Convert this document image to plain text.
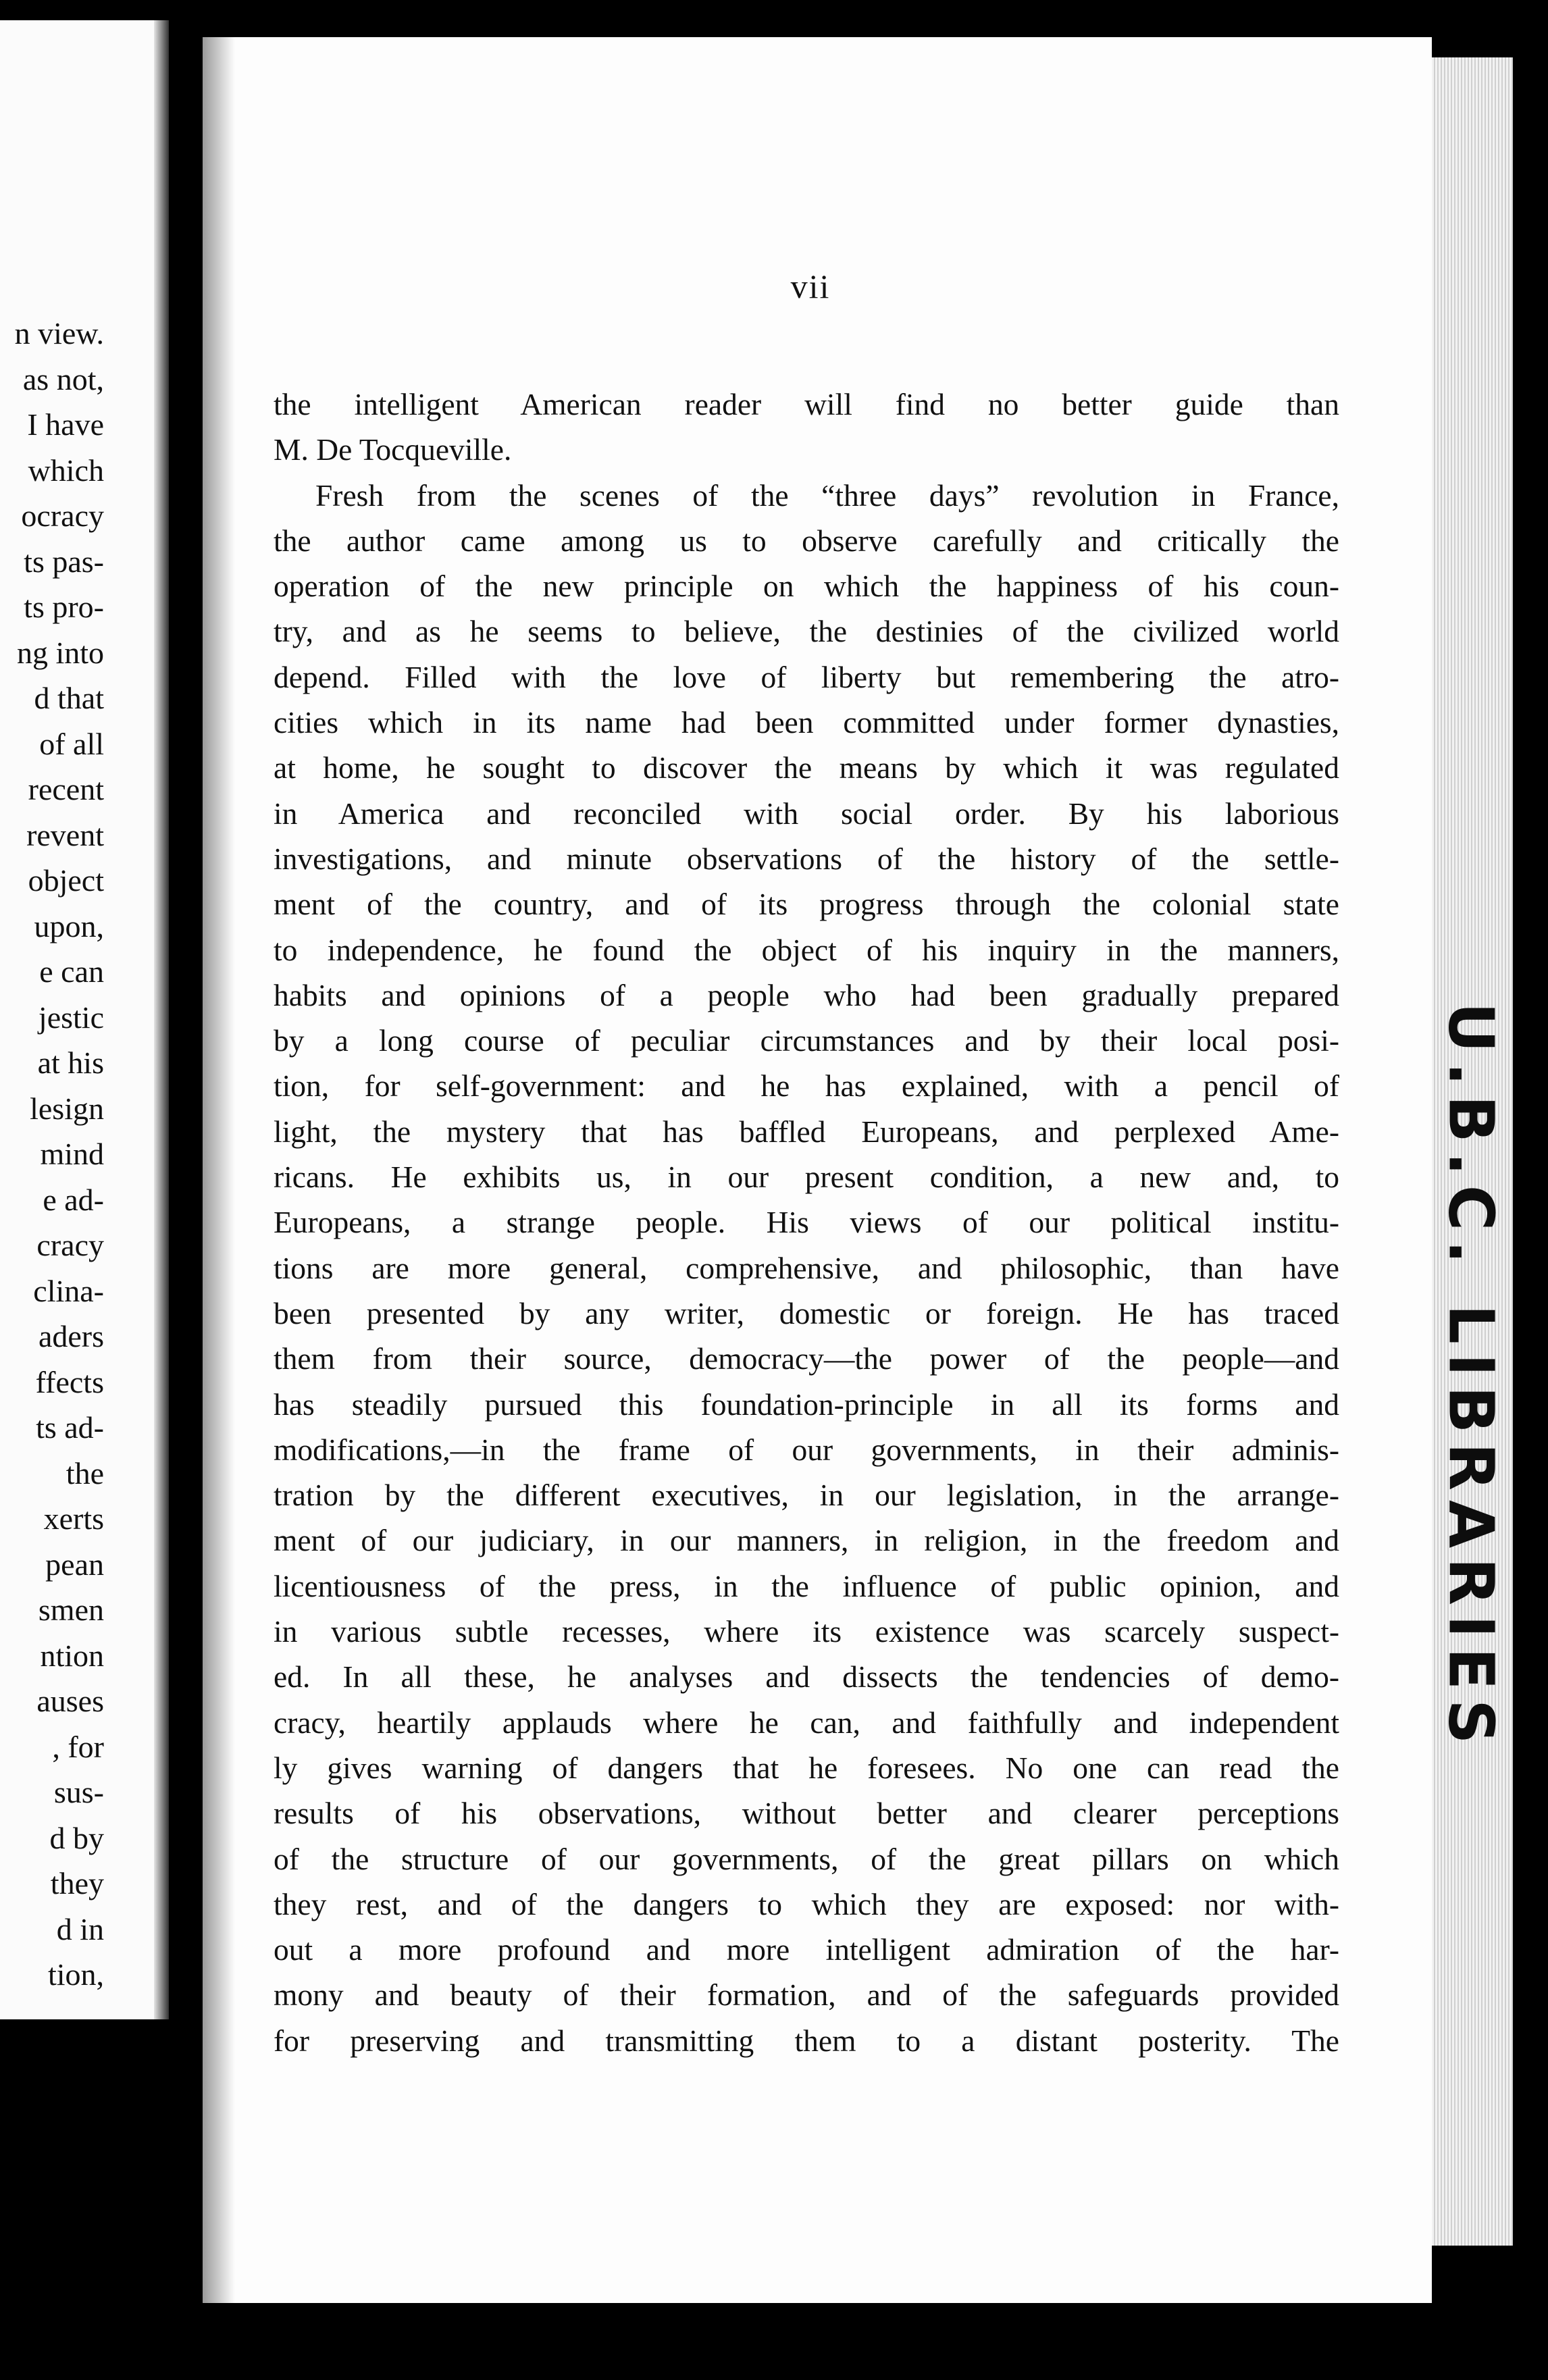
n view.
as not,
I have
which
ocracy
ts pas-
ts pro-
ng into
d that
of all
recent
revent
object
upon,
e can
jestic
at his
lesign
mind
e ad-
cracy
clina-
aders
ffects
ts ad-
the
xerts
pean
smen
ntion
auses
, for
sus-
d by
they
d in
tion,
vii
the intelligent American reader will find no better guide than
M. De Tocqueville.
Fresh from the scenes of the “three days” revolution in France,
the author came among us to observe carefully and critically the
operation of the new principle on which the happiness of his coun-
try, and as he seems to believe, the destinies of the civilized world
depend. Filled with the love of liberty but remembering the atro-
cities which in its name had been committed under former dynasties,
at home, he sought to discover the means by which it was regulated
in America and reconciled with social order. By his laborious
investigations, and minute observations of the history of the settle-
ment of the country, and of its progress through the colonial state
to independence, he found the object of his inquiry in the manners,
habits and opinions of a people who had been gradually prepared
by a long course of peculiar circumstances and by their local posi-
tion, for self-government: and he has explained, with a pencil of
light, the mystery that has baffled Europeans, and perplexed Ame-
ricans. He exhibits us, in our present condition, a new and, to
Europeans, a strange people. His views of our political institu-
tions are more general, comprehensive, and philosophic, than have
been presented by any writer, domestic or foreign. He has traced
them from their source, democracy—the power of the people—and
has steadily pursued this foundation-principle in all its forms and
modifications,—in the frame of our governments, in their adminis-
tration by the different executives, in our legislation, in the arrange-
ment of our judiciary, in our manners, in religion, in the freedom and
licentiousness of the press, in the influence of public opinion, and
in various subtle recesses, where its existence was scarcely suspect-
ed. In all these, he analyses and dissects the tendencies of demo-
cracy, heartily applauds where he can, and faithfully and independent
ly gives warning of dangers that he foresees. No one can read the
results of his observations, without better and clearer perceptions
of the structure of our governments, of the great pillars on which
they rest, and of the dangers to which they are exposed: nor with-
out a more profound and more intelligent admiration of the har-
mony and beauty of their formation, and of the safeguards provided
for preserving and transmitting them to a distant posterity. The
U.B.C. LIBRARIES
